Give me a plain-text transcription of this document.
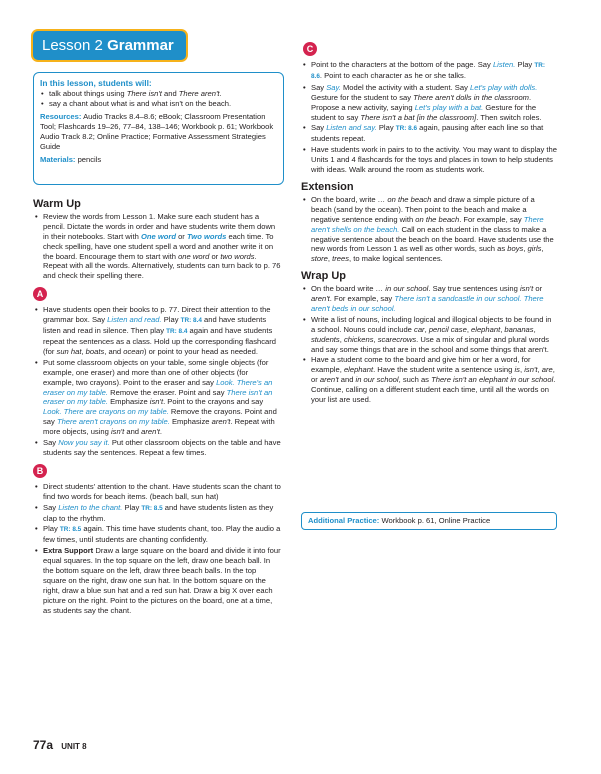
Lesson 2 Grammar
In this lesson, students will:
• talk about things using There isn't and There aren't.
• say a chant about what is and what isn't on the beach.
Resources: Audio Tracks 8.4–8.6; eBook; Classroom Presentation Tool; Flashcards 19–26, 77–84, 138–146; Workbook p. 61; Workbook Audio Track 8.2; Online Practice; Formative Assessment Strategies Guide
Materials: pencils
Warm Up
• Review the words from Lesson 1. Make sure each student has a pencil. Dictate the words in order and have students write them down in their notebooks. Start with One word or Two words each time. To check spelling, have one student spell a word and another write it on the board. Encourage them to start with one word or two words. Repeat with all the words. Alternatively, students can turn back to p. 76 and check their spelling there.
A
• Have students open their books to p. 77. Direct their attention to the grammar box. Say Listen and read. Play TR: 8.4 and have students listen and read in silence. Then play TR: 8.4 again and have students repeat the sentences as a class. Hold up the corresponding flashcard (for sun hat, boats, and ocean) or point to your head as needed.
• Put some classroom objects on your table, some single objects (for example, one eraser) and more than one of other objects (for example, two crayons). Point to the eraser and say Look. There's an eraser on my table. Remove the eraser. Point and say There isn't an eraser on my table. Emphasize isn't. Point to the crayons and say Look. There are crayons on my table. Remove the crayons. Point and say There aren't crayons on my table. Emphasize aren't. Repeat with more objects, using isn't and aren't.
• Say Now you say it. Put other classroom objects on the table and have students say the sentences. Repeat a few times.
B
• Direct students' attention to the chant. Have students scan the chant to find two words for beach items. (beach ball, sun hat)
• Say Listen to the chant. Play TR: 8.5 and have students listen as they clap to the rhythm.
• Play TR: 8.5 again. This time have students chant, too. Play the audio a few times, until students are chanting confidently.
• Extra Support Draw a large square on the board and divide it into four equal squares. In the top square on the left, draw one beach ball. In the bottom square on the left, draw three beach balls. In the top square on the right, draw one sun hat. In the bottom square on the right, draw a blue sun hat and a red sun hat. Draw a big X over each picture on the right. Point to the pictures on the board, one at a time, as students say the chant.
C
• Point to the characters at the bottom of the page. Say Listen. Play TR: 8.6. Point to each character as he or she talks.
• Say Say. Model the activity with a student. Say Let's play with dolls. Gesture for the student to say There aren't dolls in the classroom. Propose a new activity, saying Let's play with a bat. Gesture for the student to say There isn't a bat [in the classroom]. Then switch roles.
• Say Listen and say. Play TR: 8.6 again, pausing after each line so that students repeat.
• Have students work in pairs to to the activity. You may want to display the Units 1 and 4 flashcards for the toys and places in town to help students with ideas. Walk around the room as students work.
Extension
• On the board, write … on the beach and draw a simple picture of a beach (sand by the ocean). Then point to the beach and make a negative sentence ending with on the beach. For example, say There aren't shells on the beach. Call on each student in the class to make a negative sentence about the beach on the board. Have students use the new words from Lesson 1 as well as other words, such as boys, girls, store, trees, to make logical sentences.
Wrap Up
• On the board write … in our school. Say true sentences using isn't or aren't. For example, say There isn't a sandcastle in our school. There aren't beds in our school.
• Write a list of nouns, including logical and illogical objects to be found in a school. Nouns could include car, pencil case, elephant, bananas, students, chickens, scarecrows. Use a mix of singular and plural words and say some things that are in the school and some things that aren't.
• Have a student come to the board and give him or her a word, for example, elephant. Have the student write a sentence using is, isn't, are, or aren't and in our school, such as There isn't an elephant in our school. Continue, calling on a different student each time, until all the words on your list are used.
Additional Practice: Workbook p. 61, Online Practice
77a UNIT 8
